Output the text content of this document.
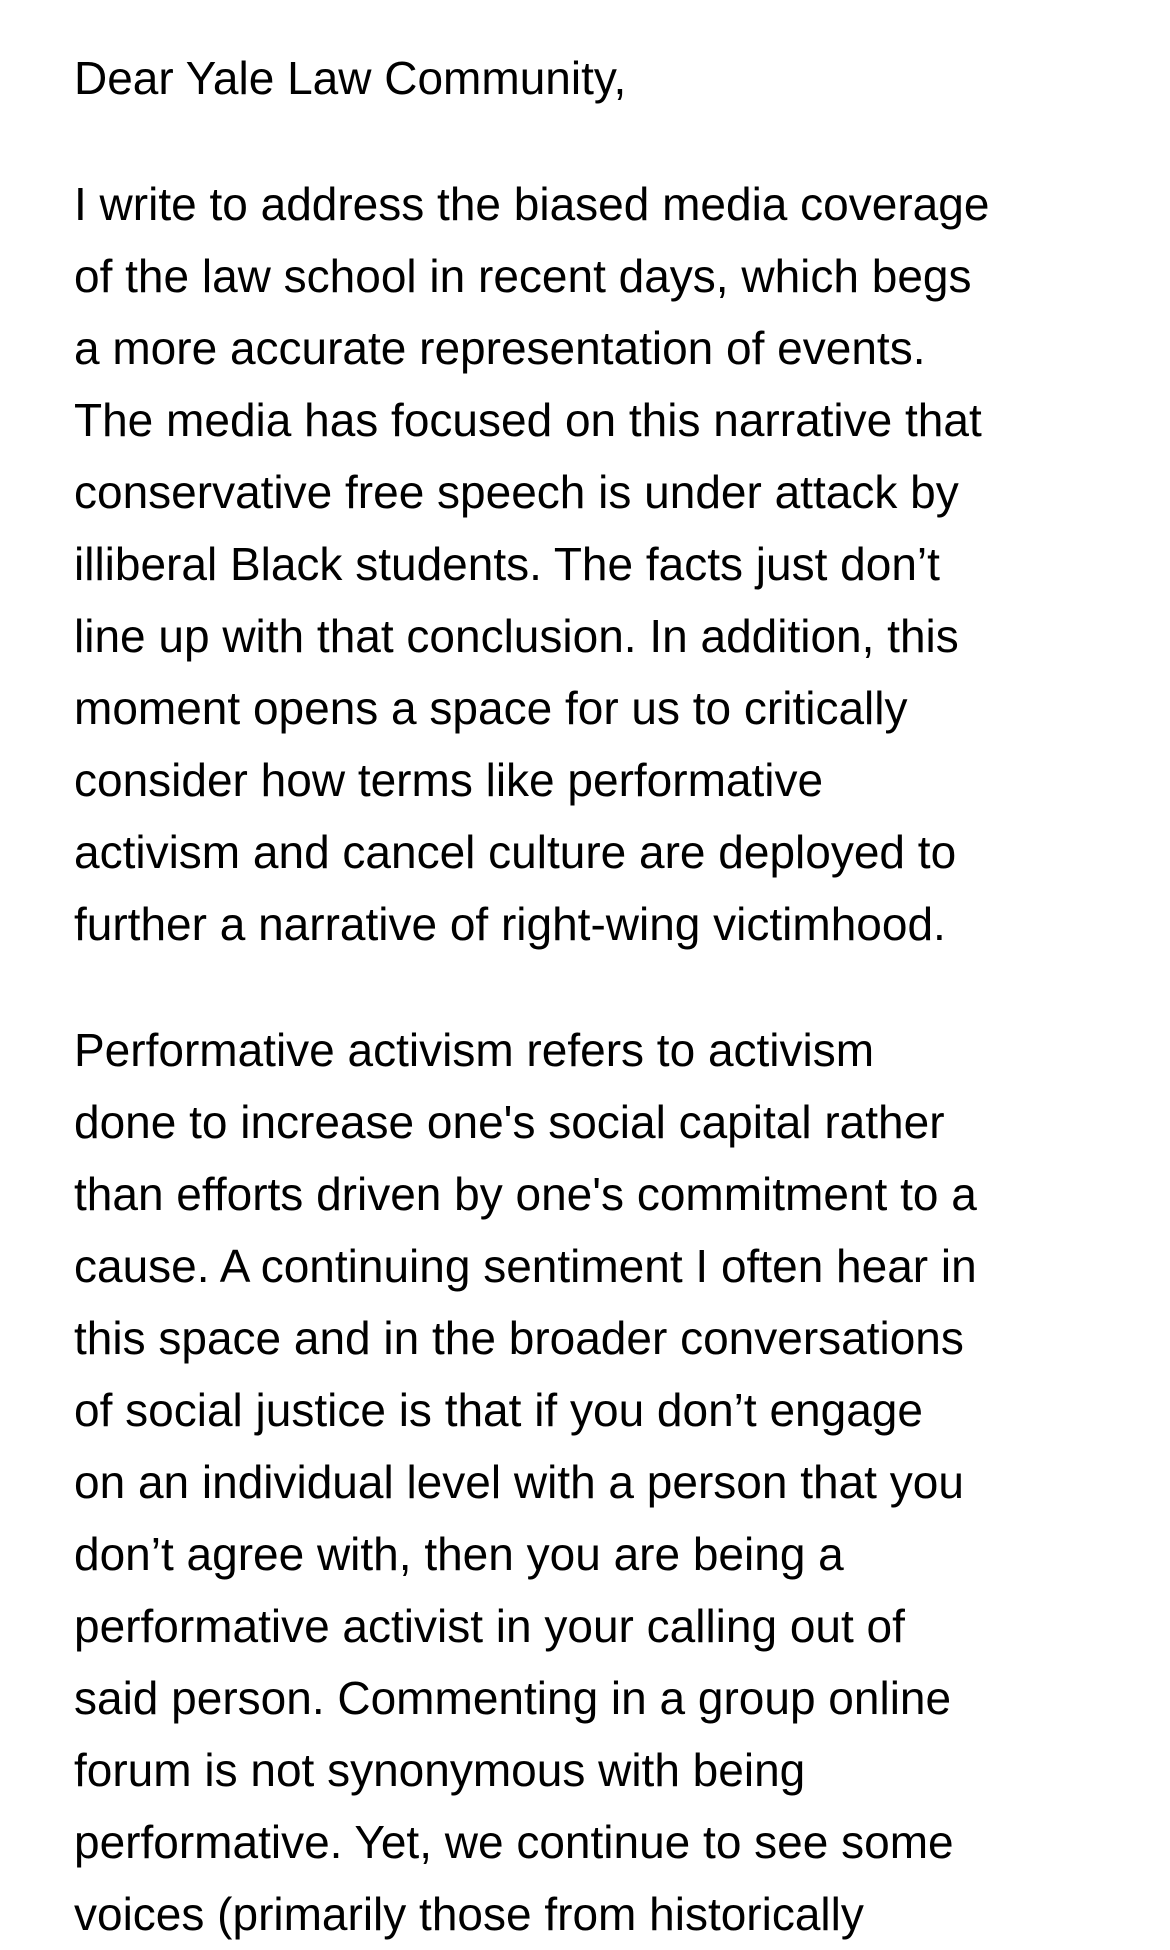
Dear Yale Law Community,
I write to address the biased media coverage
of the law school in recent days, which begs
a more accurate representation of events.
The media has focused on this narrative that
conservative free speech is under attack by
illiberal Black students. The facts just don’t
line up with that conclusion. In addition, this
moment opens a space for us to critically
consider how terms like performative
activism and cancel culture are deployed to
further a narrative of right-wing victimhood.
Performative activism refers to activism
done to increase one's social capital rather
than efforts driven by one's commitment to a
cause. A continuing sentiment I often hear in
this space and in the broader conversations
of social justice is that if you don’t engage
on an individual level with a person that you
don’t agree with, then you are being a
performative activist in your calling out of
said person. Commenting in a group online
forum is not synonymous with being
performative. Yet, we continue to see some
voices (primarily those from historically
